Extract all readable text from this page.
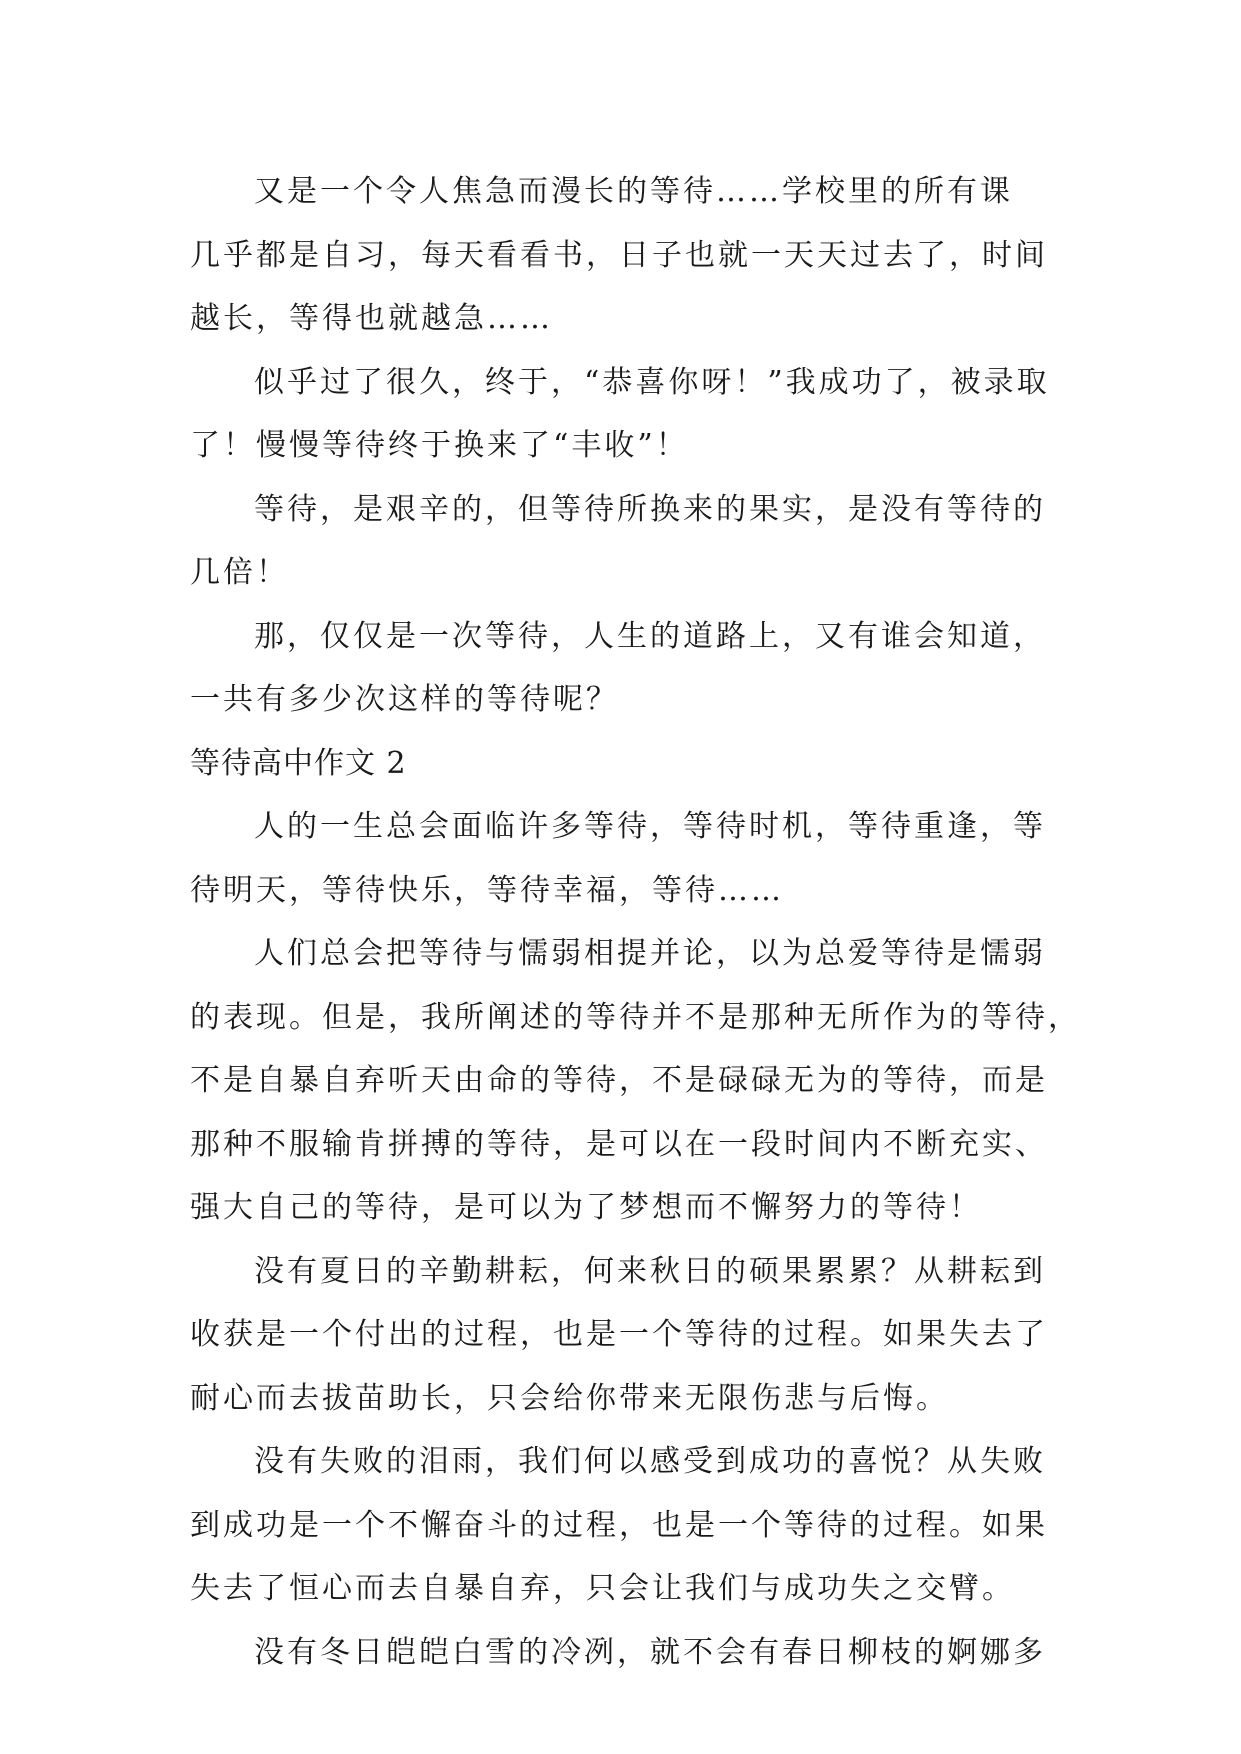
又是一个令人焦急而漫长的等待……学校里的所有课
几乎都是自习，每天看看书，日子也就一天天过去了，时间
越长，等得也就越急……
似乎过了很久，终于，“恭喜你呀！”我成功了，被录取
了！慢慢等待终于换来了“丰收”！
等待，是艰辛的，但等待所换来的果实，是没有等待的
几倍！
那，仅仅是一次等待，人生的道路上，又有谁会知道，
一共有多少次这样的等待呢？
等待高中作文 2
人的一生总会面临许多等待，等待时机，等待重逢，等
待明天，等待快乐，等待幸福，等待……
人们总会把等待与懦弱相提并论，以为总爱等待是懦弱
的表现。但是，我所阐述的等待并不是那种无所作为的等待，
不是自暴自弃听天由命的等待，不是碌碌无为的等待，而是
那种不服输肯拼搏的等待，是可以在一段时间内不断充实、
强大自己的等待，是可以为了梦想而不懈努力的等待！
没有夏日的辛勤耕耘，何来秋日的硕果累累？从耕耘到
收获是一个付出的过程，也是一个等待的过程。如果失去了
耐心而去拔苗助长，只会给你带来无限伤悲与后悔。
没有失败的泪雨，我们何以感受到成功的喜悦？从失败
到成功是一个不懈奋斗的过程，也是一个等待的过程。如果
失去了恒心而去自暴自弃，只会让我们与成功失之交臂。
没有冬日皑皑白雪的冷冽，就不会有春日柳枝的婀娜多
